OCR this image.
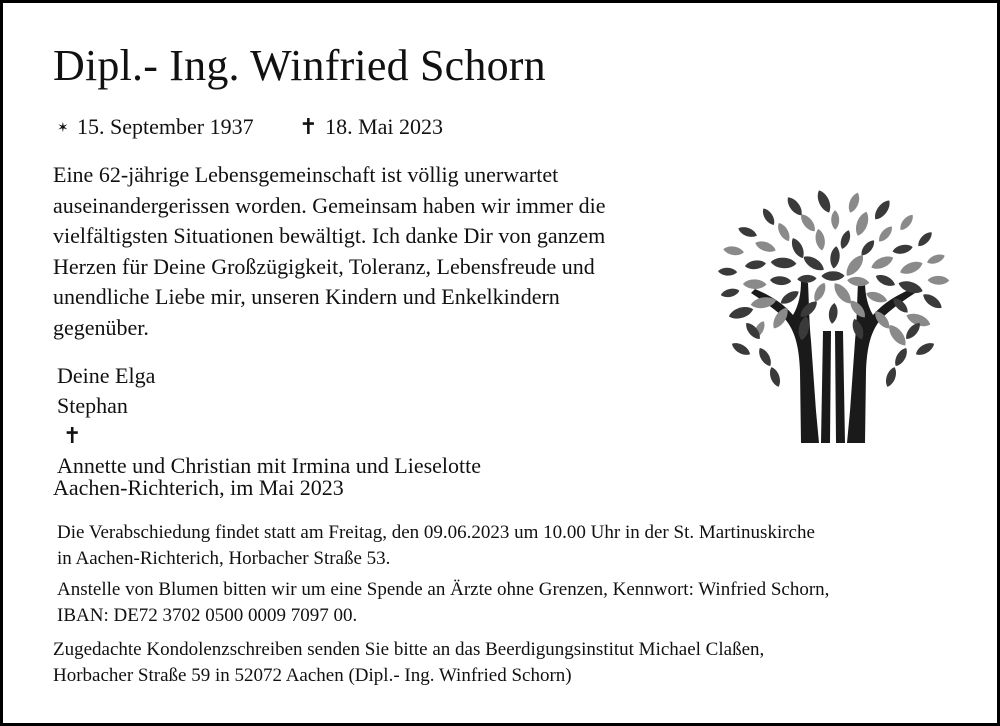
Dipl.- Ing. Winfried Schorn
✶ 15. September 1937 ✝ 18. Mai 2023
Eine 62-jährige Lebensgemeinschaft ist völlig unerwartet
auseinandergerissen worden. Gemeinsam haben wir immer die
vielfältigsten Situationen bewältigt. Ich danke Dir von ganzem
Herzen für Deine Großzügigkeit, Toleranz, Lebensfreude und
unendliche Liebe mir, unseren Kindern und Enkelkindern
gegenüber.
Deine Elga
Stephan
✝
Annette und Christian mit Irmina und Lieselotte
Aachen-Richterich, im Mai 2023
Die Verabschiedung findet statt am Freitag, den 09.06.2023 um 10.00 Uhr in der St. Martinuskirche
in Aachen-Richterich, Horbacher Straße 53.
Anstelle von Blumen bitten wir um eine Spende an Ärzte ohne Grenzen, Kennwort: Winfried Schorn,
IBAN: DE72 3702 0500 0009 7097 00.
Zugedachte Kondolenzschreiben senden Sie bitte an das Beerdigungsinstitut Michael Claßen,
Horbacher Straße 59 in 52072 Aachen (Dipl.- Ing. Winfried Schorn)
